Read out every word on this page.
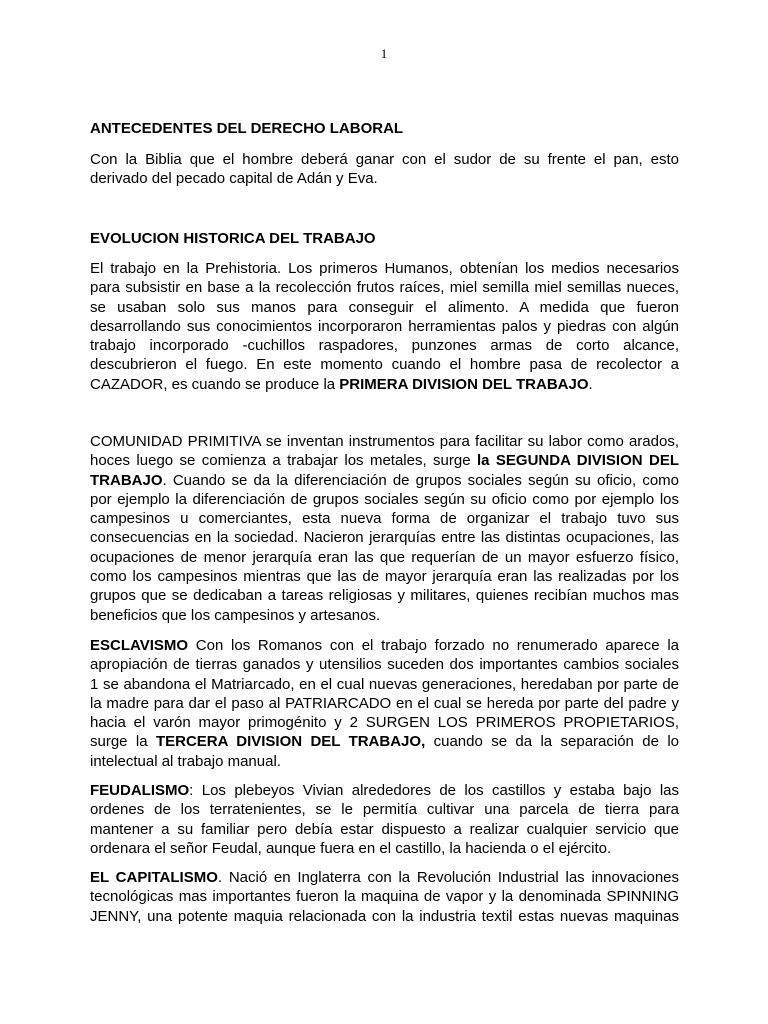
1
ANTECEDENTES DEL DERECHO LABORAL
Con la Biblia que el hombre deberá ganar con el sudor de su frente el pan, esto
derivado del pecado capital de Adán y Eva.
EVOLUCION HISTORICA DEL TRABAJO
El trabajo en la Prehistoria. Los primeros Humanos, obtenían los medios necesarios
para subsistir en base a la recolección frutos raíces, miel semilla miel semillas nueces,
se usaban solo sus manos para conseguir el alimento. A medida que fueron
desarrollando sus conocimientos incorporaron herramientas palos y piedras con algún
trabajo incorporado -cuchillos raspadores, punzones armas de corto alcance,
descubrieron el fuego. En este momento cuando el hombre pasa de recolector a
CAZADOR, es cuando se produce la PRIMERA DIVISION DEL TRABAJO.
COMUNIDAD PRIMITIVA se inventan instrumentos para facilitar su labor como arados,
hoces luego se comienza a trabajar los metales, surge la SEGUNDA DIVISION DEL
TRABAJO. Cuando se da la diferenciación de grupos sociales según su oficio, como
por ejemplo la diferenciación de grupos sociales según su oficio como por ejemplo los
campesinos u comerciantes, esta nueva forma de organizar el trabajo tuvo sus
consecuencias en la sociedad. Nacieron jerarquías entre las distintas ocupaciones, las
ocupaciones de menor jerarquía eran las que requerían de un mayor esfuerzo físico,
como los campesinos mientras que las de mayor jerarquía eran las realizadas por los
grupos que se dedicaban a tareas religiosas y militares, quienes recibían muchos mas
beneficios que los campesinos y artesanos.
ESCLAVISMO Con los Romanos con el trabajo forzado no renumerado aparece la
apropiación de tierras ganados y utensilios suceden dos importantes cambios sociales
1 se abandona el Matriarcado, en el cual nuevas generaciones, heredaban por parte de
la madre para dar el paso al PATRIARCADO en el cual se hereda por parte del padre y
hacia el varón mayor primogénito y 2 SURGEN LOS PRIMEROS PROPIETARIOS,
surge la TERCERA DIVISION DEL TRABAJO, cuando se da la separación de lo
intelectual al trabajo manual.
FEUDALISMO: Los plebeyos Vivian alrededores de los castillos y estaba bajo las
ordenes de los terratenientes, se le permitía cultivar una parcela de tierra para
mantener a su familiar pero debía estar dispuesto a realizar cualquier servicio que
ordenara el señor Feudal, aunque fuera en el castillo, la hacienda o el ejército.
EL CAPITALISMO. Nació en Inglaterra con la Revolución Industrial las innovaciones
tecnológicas mas importantes fueron la maquina de vapor y la denominada SPINNING
JENNY, una potente maquia relacionada con la industria textil estas nuevas maquinas
